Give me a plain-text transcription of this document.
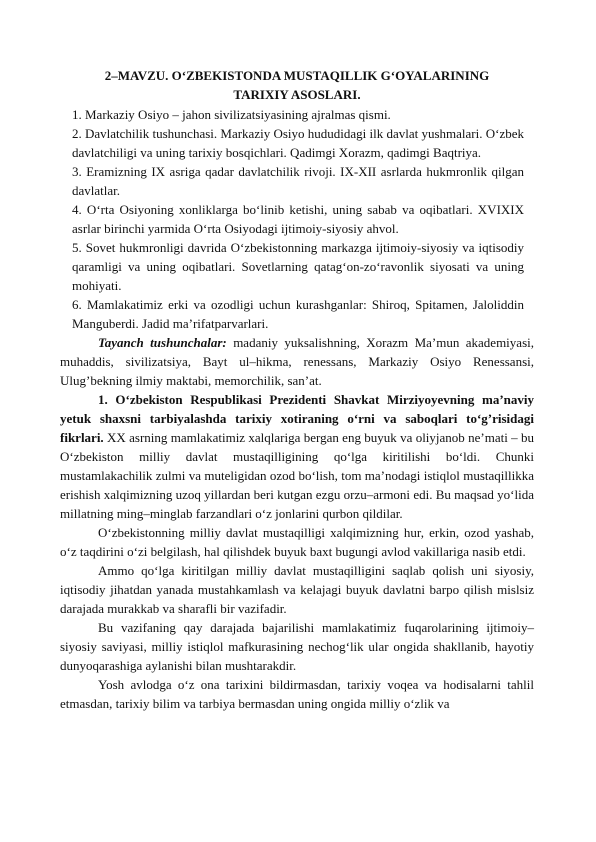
2–MAVZU. O‘ZBEKISTONDA MUSTAQILLIK G‘OYALARINING
TARIXIY ASOSLARI.
1. Markaziy Osiyo – jahon sivilizatsiyasining ajralmas qismi.
2. Davlatchilik tushunchasi. Markaziy Osiyo hududidagi ilk davlat yushmalari. O‘zbek davlatchiligi va uning tarixiy bosqichlari. Qadimgi Xorazm, qadimgi Baqtriya.
3. Eramizning IX asriga qadar davlatchilik rivoji. IX-XII asrlarda hukmronlik qilgan davlatlar.
4. O‘rta Osiyoning xonliklarga bo‘linib ketishi, uning sabab va oqibatlari. XVIXIX asrlar birinchi yarmida O‘rta Osiyodagi ijtimoiy-siyosiy ahvol.
5. Sovet hukmronligi davrida O‘zbekistonning markazga ijtimoiy-siyosiy va iqtisodiy qaramligi va uning oqibatlari. Sovetlarning qatag‘on-zo‘ravonlik siyosati va uning mohiyati.
6. Mamlakatimiz erki va ozodligi uchun kurashganlar: Shiroq, Spitamen, Jaloliddin Manguberdi. Jadid ma’rifatparvarlari.

Tayanch tushunchalar: madaniy yuksalishning, Xorazm Ma’mun akademiyasi, muhaddis, sivilizatsiya, Bayt ul–hikma, renessans, Markaziy Osiyo Renessansi, Ulug’bekning ilmiy maktabi, memorchilik, san’at.

1. O‘zbekiston Respublikasi Prezidenti Shavkat Mirziyoyevning ma’naviy yetuk shaxsni tarbiyalashda tarixiy xotiraning o‘rni va saboqlari to‘g’risidagi fikrlari. XX asrning mamlakatimiz xalqlariga bergan eng buyuk va oliyjanob ne’mati – bu O‘zbekiston milliy davlat mustaqilligining qo‘lga kiritilishi bo‘ldi. Chunki mustamlakachilik zulmi va muteligidan ozod bo‘lish, tom ma’nodagi istiqlol mustaqillikka erishish xalqimizning uzoq yillardan beri kutgan ezgu orzu–armoni edi. Bu maqsad yo‘lida millatning ming–minglab farzandlari o‘z jonlarini qurbon qildilar.

O‘zbekistonning milliy davlat mustaqilligi xalqimizning hur, erkin, ozod yashab, o‘z taqdirini o‘zi belgilash, hal qilishdek buyuk baxt bugungi avlod vakillariga nasib etdi.

Ammo qo‘lga kiritilgan milliy davlat mustaqilligini saqlab qolish uni siyosiy, iqtisodiy jihatdan yanada mustahkamlash va kelajagi buyuk davlatni barpo qilish mislsiz darajada murakkab va sharafli bir vazifadir.

Bu vazifaning qay darajada bajarilishi mamlakatimiz fuqarolarining ijtimoiy–siyosiy saviyasi, milliy istiqlol mafkurasining nechog‘lik ular ongida shakllanib, hayotiy dunyoqarashiga aylanishi bilan mushtarakdir.

Yosh avlodga o‘z ona tarixini bildirmasdan, tarixiy voqea va hodisalarni tahlil etmasdan, tarixiy bilim va tarbiya bermasdan uning ongida milliy o‘zlik va
